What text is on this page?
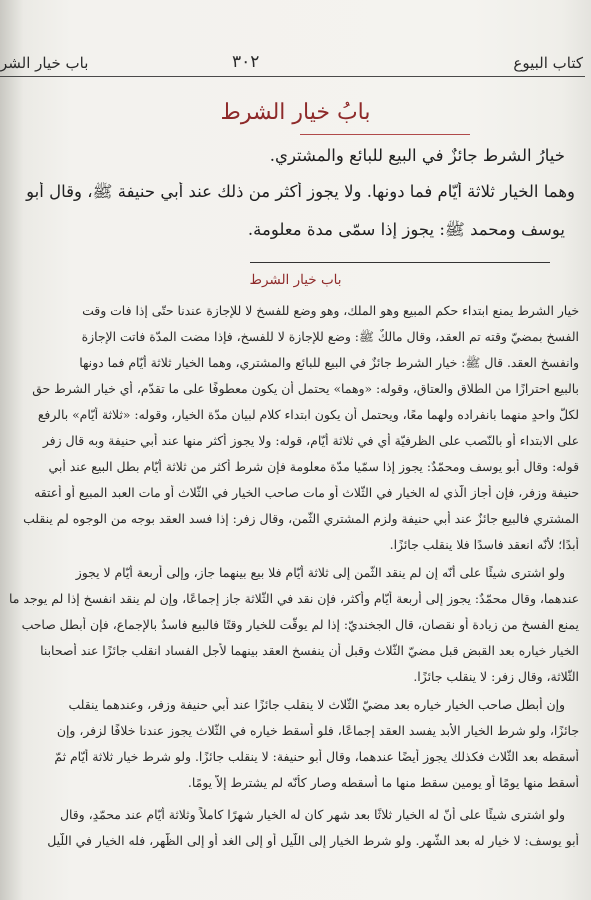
كتاب البيوع
٣٠٢
باب خيار الشر
بابُ خيار الشرط
خيارُ الشرط جائزٌ في البيع للبائع والمشتري.
وهما الخيار ثلاثة أيّام فما دونها. ولا يجوز أكثر من ذلك عند أبي حنيفة ﷺ، وقال أبو
يوسف ومحمد ﷺ: يجوز إذا سمّى مدة معلومة.
باب خيار الشرط
خيار الشرط يمنع ابتداء حكم المبيع وهو الملك، وهو وضع للفسخ لا للإجازة عندنا حتّى إذا فات وقت
الفسخ بمضيّ وقته تم العقد، وقال مالكٌ ﷺ: وضع للإجازة لا للفسخ، فإذا مضت المدّة فاتت الإجازة
وانفسخ العقد. قال ﷺ: خيار الشرط جائزٌ في البيع للبائع والمشتري، وهما الخيار ثلاثة أيّام فما دونها
بالبيع احترازًا من الطلاق والعتاق، وقوله: «وهما» يحتمل أن يكون معطوفًا على ما تقدّم، أي خيار الشرط حق
لكلّ واحدٍ منهما بانفراده ولهما معًا، ويحتمل أن يكون ابتداء كلام لبيان مدّة الخيار، وقوله: «ثلاثة أيّام» بالرفع
على الابتداء أو بالنّصب على الظرفيّة أي في ثلاثة أيّام، قوله: ولا يجوز أكثر منها عند أبي حنيفة وبه قال زفر
قوله: وقال أبو يوسف ومحمّدٌ: يجوز إذا سمّيا مدّة معلومة فإن شرط أكثر من ثلاثة أيّام بطل البيع عند أبي
حنيفة وزفر، فإن أجاز الّذي له الخيار في الثّلاث أو مات صاحب الخيار في الثّلاث أو مات العبد المبيع أو أعتقه
المشتري فالبيع جائزٌ عند أبي حنيفة ولزم المشتري الثّمن، وقال زفر: إذا فسد العقد بوجه من الوجوه لم ينقلب
أبدًا؛ لأنّه انعقد فاسدًا فلا ينقلب جائزًا.
ولو اشترى شيئًا على أنّه إن لم ينقد الثّمن إلى ثلاثة أيّام فلا بيع بينهما جاز، وإلى أربعة أيّام لا يجوز
عندهما، وقال محمّدٌ: يجوز إلى أربعة أيّام وأكثر، فإن نقد في الثّلاثة جاز إجماعًا، وإن لم ينقد انفسخ إذا لم يوجد ما
يمنع الفسخ من زيادة أو نقصان، قال الجخنديّ: إذا لم يوقّت للخيار وقتًا فالبيع فاسدٌ بالإجماع، فإن أبطل صاحب
الخيار خياره بعد القبض قبل مضيّ الثّلاث وقبل أن ينفسخ العقد بينهما لأجل الفساد انقلب جائزًا عند أصحابنا
الثّلاثة، وقال زفر: لا ينقلب جائزًا.
وإن أبطل صاحب الخيار خياره بعد مضيّ الثّلاث لا ينقلب جائزًا عند أبي حنيفة وزفر، وعندهما ينقلب
جائزًا، ولو شرط الخيار الأبد يفسد العقد إجماعًا، فلو أسقط خياره في الثّلاث يجوز عندنا خلافًا لزفر، وإن
أسقطه بعد الثّلاث فكذلك يجوز أيضًا عندهما، وقال أبو حنيفة: لا ينقلب جائزًا. ولو شرط خيار ثلاثة أيّام ثمّ
أسقط منها يومًا أو يومين سقط منها ما أسقطه وصار كأنّه لم يشترط إلاّ يومًا.
ولو اشترى شيئًا على أنّ له الخيار ثلاثًا بعد شهر كان له الخيار شهرًا كاملاً وثلاثة أيّام عند محمّدٍ، وقال
أبو يوسف: لا خيار له بعد الشّهر. ولو شرط الخيار إلى اللّيل أو إلى الغد أو إلى الظّهر، فله الخيار في اللّيل
